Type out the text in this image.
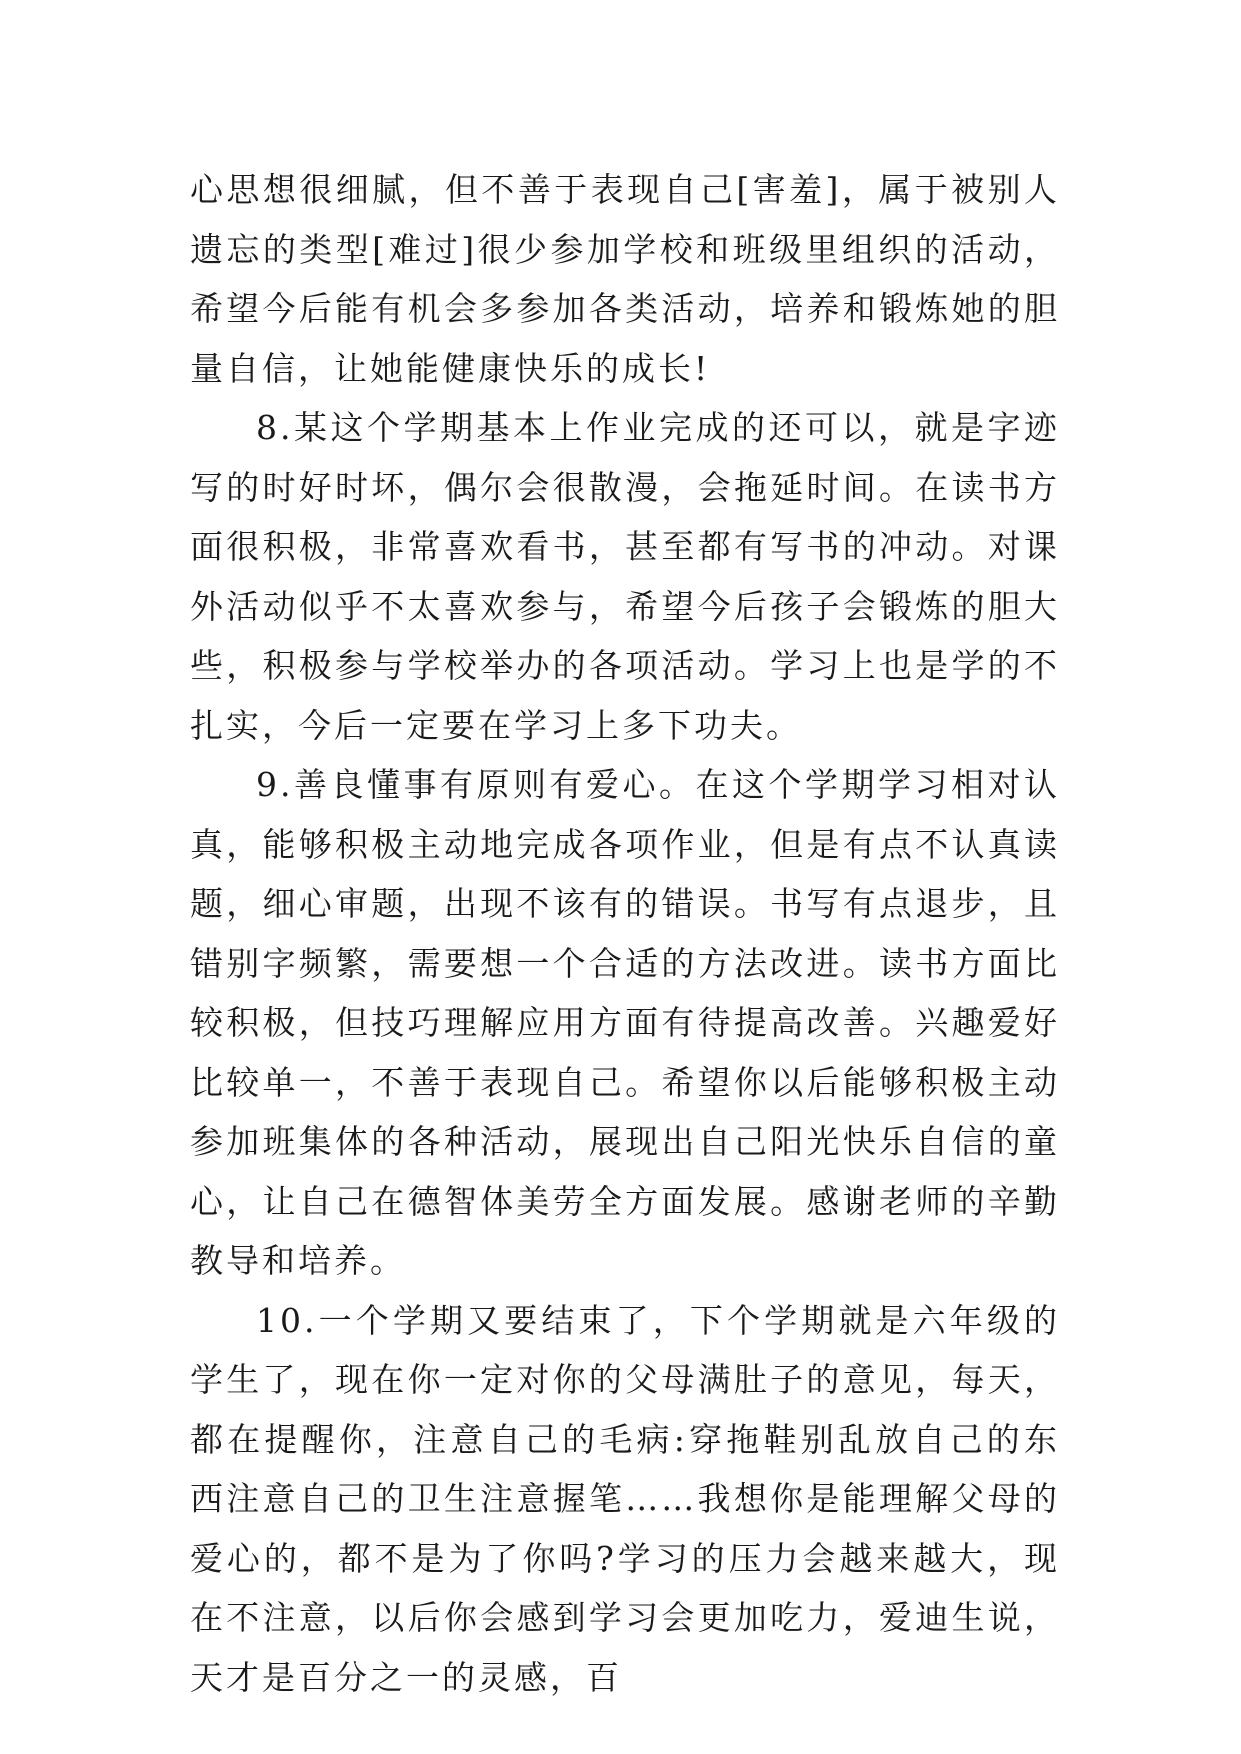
心思想很细腻，但不善于表现自己[害羞]，属于被别人遗忘的类型[难过]很少参加学校和班级里组织的活动，希望今后能有机会多参加各类活动，培养和锻炼她的胆量自信，让她能健康快乐的成长!

8.某这个学期基本上作业完成的还可以，就是字迹写的时好时坏，偶尔会很散漫，会拖延时间。在读书方面很积极，非常喜欢看书，甚至都有写书的冲动。对课外活动似乎不太喜欢参与，希望今后孩子会锻炼的胆大些，积极参与学校举办的各项活动。学习上也是学的不扎实，今后一定要在学习上多下功夫。

9.善良懂事有原则有爱心。在这个学期学习相对认真，能够积极主动地完成各项作业，但是有点不认真读题，细心审题，出现不该有的错误。书写有点退步，且错别字频繁，需要想一个合适的方法改进。读书方面比较积极，但技巧理解应用方面有待提高改善。兴趣爱好比较单一，不善于表现自己。希望你以后能够积极主动参加班集体的各种活动，展现出自己阳光快乐自信的童心，让自己在德智体美劳全方面发展。感谢老师的辛勤教导和培养。

10.一个学期又要结束了，下个学期就是六年级的学生了，现在你一定对你的父母满肚子的意见，每天，都在提醒你，注意自己的毛病:穿拖鞋别乱放自己的东西注意自己的卫生注意握笔……我想你是能理解父母的爱心的，都不是为了你吗?学习的压力会越来越大，现在不注意，以后你会感到学习会更加吃力，爱迪生说，天才是百分之一的灵感，百
